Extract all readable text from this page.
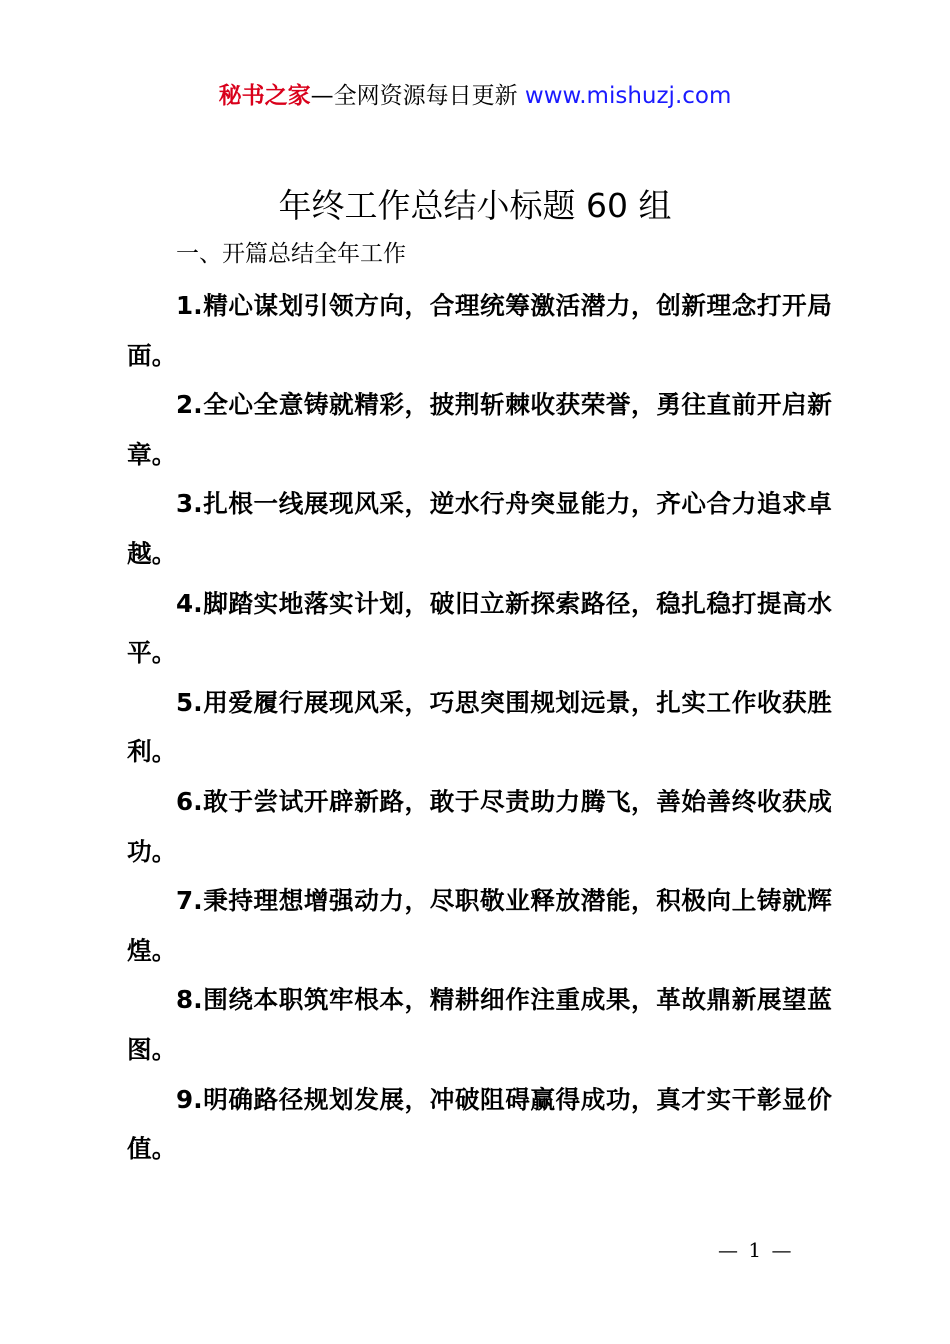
秘书之家—全网资源每日更新 www.mishuzj.com
年终工作总结小标题 60 组
一、开篇总结全年工作

1.精心谋划引领方向，合理统筹激活潜力，创新理念打开局面。

2.全心全意铸就精彩，披荆斩棘收获荣誉，勇往直前开启新章。

3.扎根一线展现风采，逆水行舟突显能力，齐心合力追求卓越。

4.脚踏实地落实计划，破旧立新探索路径，稳扎稳打提高水平。

5.用爱履行展现风采，巧思突围规划远景，扎实工作收获胜利。

6.敢于尝试开辟新路，敢于尽责助力腾飞，善始善终收获成功。

7.秉持理想增强动力，尽职敬业释放潜能，积极向上铸就辉煌。

8.围绕本职筑牢根本，精耕细作注重成果，革故鼎新展望蓝图。

9.明确路径规划发展，冲破阻碍赢得成功，真才实干彰显价值。

— 1 —
